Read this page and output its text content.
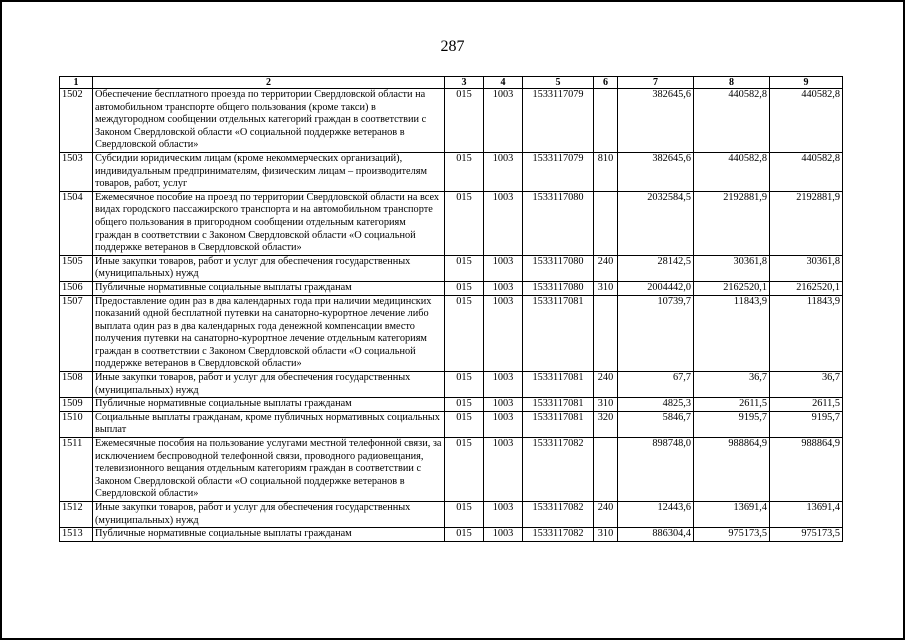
287
1	2	3	4	5	6	7	8	9
1502	Обеспечение бесплатного проезда по территории Свердловской области на автомобильном транспорте общего пользования (кроме такси) в междугородном сообщении отдельных категорий граждан в соответствии с Законом Свердловской области «О социальной поддержке ветеранов в Свердловской области»	015	1003	1533117079		382645,6	440582,8	440582,8
1503	Субсидии юридическим лицам (кроме некоммерческих организаций), индивидуальным предпринимателям, физическим лицам – производителям товаров, работ, услуг	015	1003	1533117079	810	382645,6	440582,8	440582,8
1504	Ежемесячное пособие на проезд по территории Свердловской области на всех видах городского пассажирского транспорта и на автомобильном транспорте общего пользования в пригородном сообщении отдельным категориям граждан в соответствии с Законом Свердловской области «О социальной поддержке ветеранов в Свердловской области»	015	1003	1533117080		2032584,5	2192881,9	2192881,9
1505	Иные закупки товаров, работ и услуг для обеспечения государственных (муниципальных) нужд	015	1003	1533117080	240	28142,5	30361,8	30361,8
1506	Публичные нормативные социальные выплаты гражданам	015	1003	1533117080	310	2004442,0	2162520,1	2162520,1
1507	Предоставление один раз в два календарных года при наличии медицинских показаний одной бесплатной путевки на санаторно-курортное лечение либо выплата один раз в два календарных года денежной компенсации вместо получения путевки на санаторно-курортное лечение отдельным категориям граждан в соответствии с Законом Свердловской области «О социальной поддержке ветеранов в Свердловской области»	015	1003	1533117081		10739,7	11843,9	11843,9
1508	Иные закупки товаров, работ и услуг для обеспечения государственных (муниципальных) нужд	015	1003	1533117081	240	67,7	36,7	36,7
1509	Публичные нормативные социальные выплаты гражданам	015	1003	1533117081	310	4825,3	2611,5	2611,5
1510	Социальные выплаты гражданам, кроме публичных нормативных социальных выплат	015	1003	1533117081	320	5846,7	9195,7	9195,7
1511	Ежемесячные пособия на пользование услугами местной телефонной связи, за исключением беспроводной телефонной связи, проводного радиовещания, телевизионного вещания отдельным категориям граждан в соответствии с Законом Свердловской области «О социальной поддержке ветеранов в Свердловской области»	015	1003	1533117082		898748,0	988864,9	988864,9
1512	Иные закупки товаров, работ и услуг для обеспечения государственных (муниципальных) нужд	015	1003	1533117082	240	12443,6	13691,4	13691,4
1513	Публичные нормативные социальные выплаты гражданам	015	1003	1533117082	310	886304,4	975173,5	975173,5
